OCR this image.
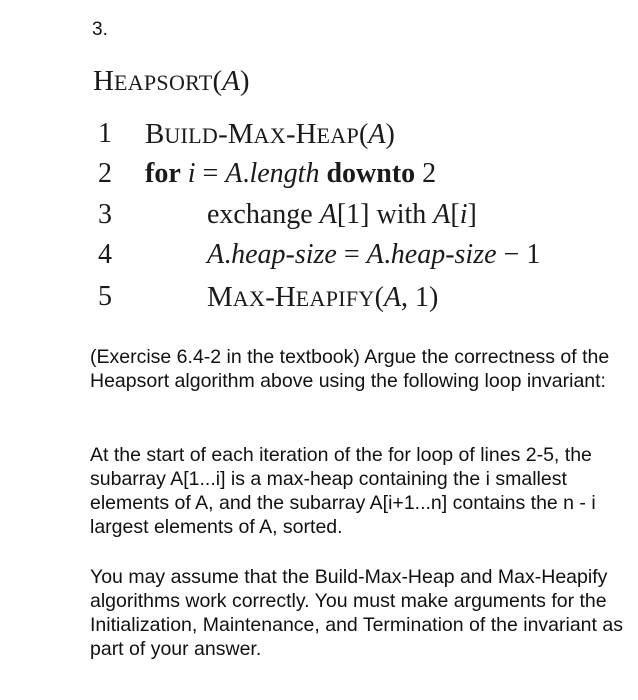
3.
HEAPSORT(A)
1 BUILD-MAX-HEAP(A)
2 for i = A.length downto 2
3	exchange A[1] with A[i]
4	A.heap-size = A.heap-size − 1
5	MAX-HEAPIFY(A, 1)

(Exercise 6.4-2 in the textbook) Argue the correctness of the Heapsort algorithm above using the following loop invariant:

At the start of each iteration of the for loop of lines 2-5, the subarray A[1...i] is a max-heap containing the i smallest elements of A, and the subarray A[i+1...n] contains the n - i largest elements of A, sorted.

You may assume that the Build-Max-Heap and Max-Heapify algorithms work correctly. You must make arguments for the Initialization, Maintenance, and Termination of the invariant as part of your answer.
